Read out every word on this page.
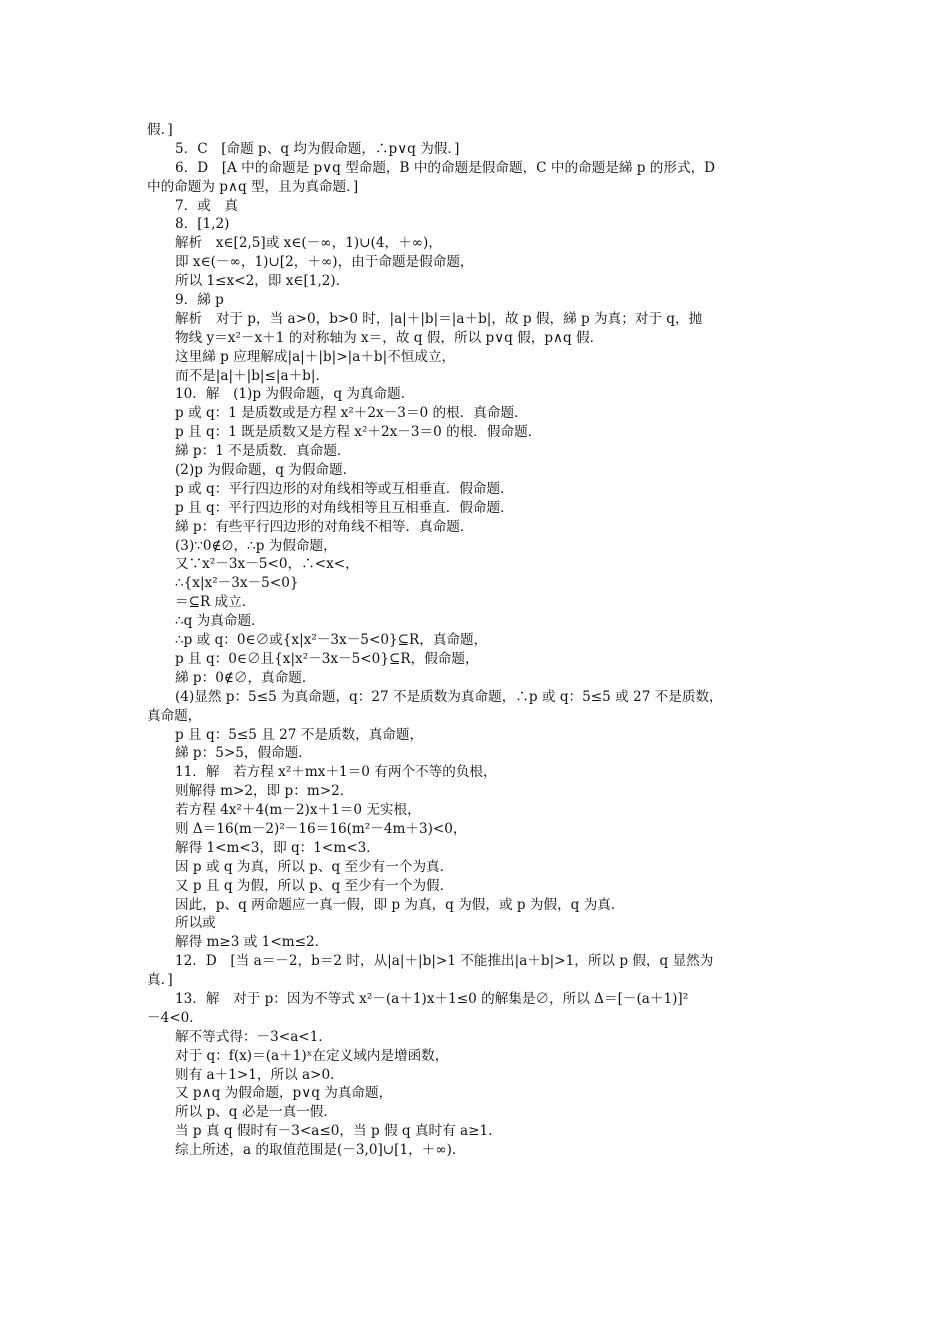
假．]
5．C　[命题 p、q 均为假命题，∴p∨q 为假．]
6．D　[A 中的命题是 p∨q 型命题，B 中的命题是假命题，C 中的命题是綈 p 的形式，D
中的命题为 p∧q 型，且为真命题．]
7．或　真
8．[1,2)
解析　x∈[2,5]或 x∈(－∞，1)∪(4，＋∞)，
即 x∈(－∞，1)∪[2，＋∞)，由于命题是假命题，
所以 1≤x<2，即 x∈[1,2)．
9．綈 p
解析　对于 p，当 a>0，b>0 时，|a|＋|b|＝|a＋b|，故 p 假，綈 p 为真；对于 q，抛
物线 y＝x²－x＋1 的对称轴为 x＝，故 q 假，所以 p∨q 假，p∧q 假．
这里綈 p 应理解成|a|＋|b|>|a＋b|不恒成立，
而不是|a|＋|b|≤|a＋b|．
10．解　(1)p 为假命题，q 为真命题．
p 或 q：1 是质数或是方程 x²＋2x－3＝0 的根．真命题．
p 且 q：1 既是质数又是方程 x²＋2x－3＝0 的根．假命题．
綈 p：1 不是质数．真命题．
(2)p 为假命题，q 为假命题．
p 或 q：平行四边形的对角线相等或互相垂直．假命题．
p 且 q：平行四边形的对角线相等且互相垂直．假命题．
綈 p：有些平行四边形的对角线不相等．真命题．
(3)∵0∉∅，∴p 为假命题，
又∵x²－3x－5<0，∴<x<，
∴{x|x²－3x－5<0}
＝⊆R 成立．
∴q 为真命题．
∴p 或 q：0∈∅或{x|x²－3x－5<0}⊆R，真命题，
p 且 q：0∈∅且{x|x²－3x－5<0}⊆R，假命题，
綈 p：0∉∅，真命题．
(4)显然 p：5≤5 为真命题，q：27 不是质数为真命题，∴p 或 q：5≤5 或 27 不是质数，
真命题，
p 且 q：5≤5 且 27 不是质数，真命题，
綈 p：5>5，假命题．
11．解　若方程 x²＋mx＋1＝0 有两个不等的负根，
则解得 m>2，即 p：m>2．
若方程 4x²＋4(m－2)x＋1＝0 无实根，
则 Δ＝16(m－2)²－16＝16(m²－4m＋3)<0，
解得 1<m<3，即 q：1<m<3．
因 p 或 q 为真，所以 p、q 至少有一个为真．
又 p 且 q 为假，所以 p、q 至少有一个为假．
因此，p、q 两命题应一真一假，即 p 为真，q 为假，或 p 为假，q 为真．
所以或
解得 m≥3 或 1<m≤2．
12．D　[当 a＝－2，b＝2 时，从|a|＋|b|>1 不能推出|a＋b|>1，所以 p 假，q 显然为
真．]
13．解　对于 p：因为不等式 x²－(a＋1)x＋1≤0 的解集是∅，所以 Δ＝[－(a＋1)]²
－4<0．
解不等式得：－3<a<1．
对于 q：f(x)＝(a＋1)ˣ在定义域内是增函数，
则有 a＋1>1，所以 a>0．
又 p∧q 为假命题，p∨q 为真命题，
所以 p、q 必是一真一假．
当 p 真 q 假时有－3<a≤0，当 p 假 q 真时有 a≥1．
综上所述，a 的取值范围是(－3,0]∪[1，＋∞)．
